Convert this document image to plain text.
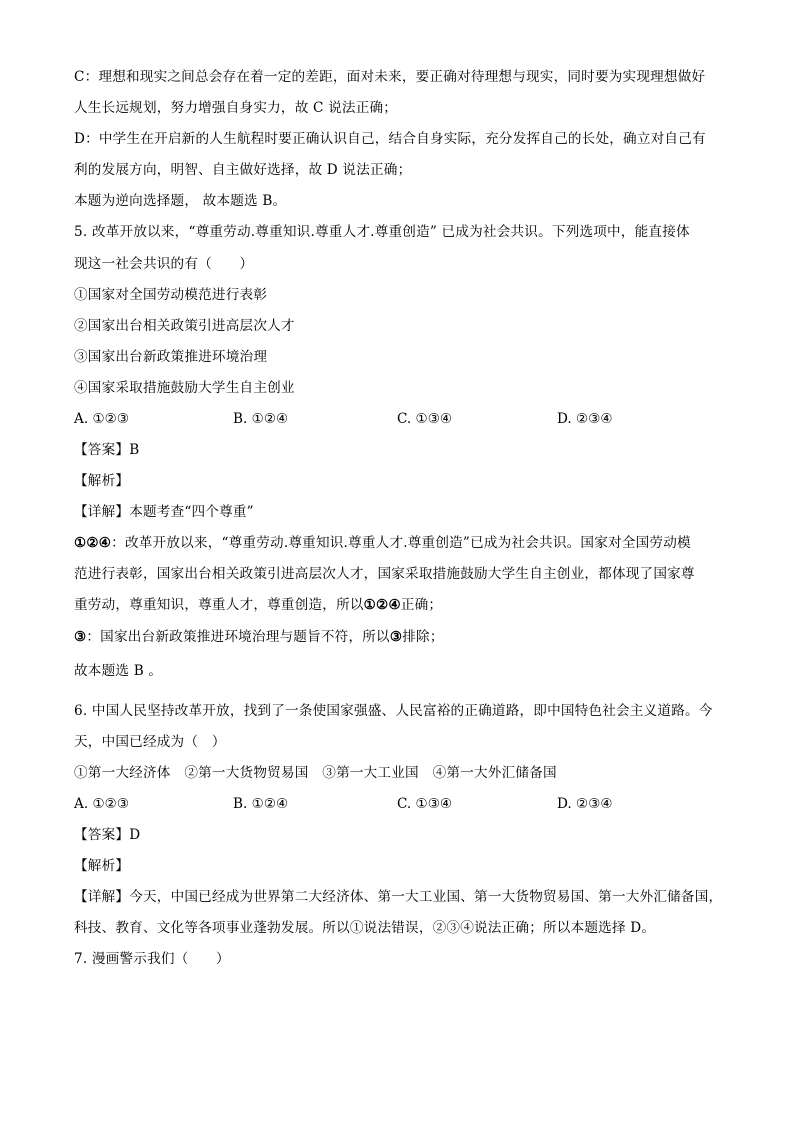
C：理想和现实之间总会存在着一定的差距，面对未来，要正确对待理想与现实，同时要为实现理想做好
人生长远规划，努力增强自身实力，故 C 说法正确；
D：中学生在开启新的人生航程时要正确认识自己，结合自身实际，充分发挥自己的长处，确立对自己有
利的发展方向，明智、自主做好选择，故 D 说法正确；
本题为逆向选择题， 故本题选 B。
5. 改革开放以来，“尊重劳动.尊重知识.尊重人才.尊重创造” 已成为社会共识。下列选项中，能直接体
现这一社会共识的有（　　）
①国家对全国劳动模范进行表彰
②国家出台相关政策引进高层次人才
③国家出台新政策推进环境治理
④国家采取措施鼓励大学生自主创业
A. ①②③	B. ①②④	C. ①③④	D. ②③④
【答案】B
【解析】
【详解】本题考查“四个尊重”
①②④：改革开放以来，“尊重劳动.尊重知识.尊重人才.尊重创造”已成为社会共识。国家对全国劳动模
范进行表彰，国家出台相关政策引进高层次人才，国家采取措施鼓励大学生自主创业，都体现了国家尊
重劳动，尊重知识，尊重人才，尊重创造，所以①②④正确；
③：国家出台新政策推进环境治理与题旨不符，所以③排除；
故本题选 B 。
6. 中国人民坚持改革开放，找到了一条使国家强盛、人民富裕的正确道路，即中国特色社会主义道路。今
天，中国已经成为（　）
①第一大经济体　②第一大货物贸易国　③第一大工业国　④第一大外汇储备国
A. ①②③	B. ①②④	C. ①③④	D. ②③④
【答案】D
【解析】
【详解】今天，中国已经成为世界第二大经济体、第一大工业国、第一大货物贸易国、第一大外汇储备国，
科技、教育、文化等各项事业蓬勃发展。所以①说法错误，②③④说法正确；所以本题选择 D。
7. 漫画警示我们（　　）
